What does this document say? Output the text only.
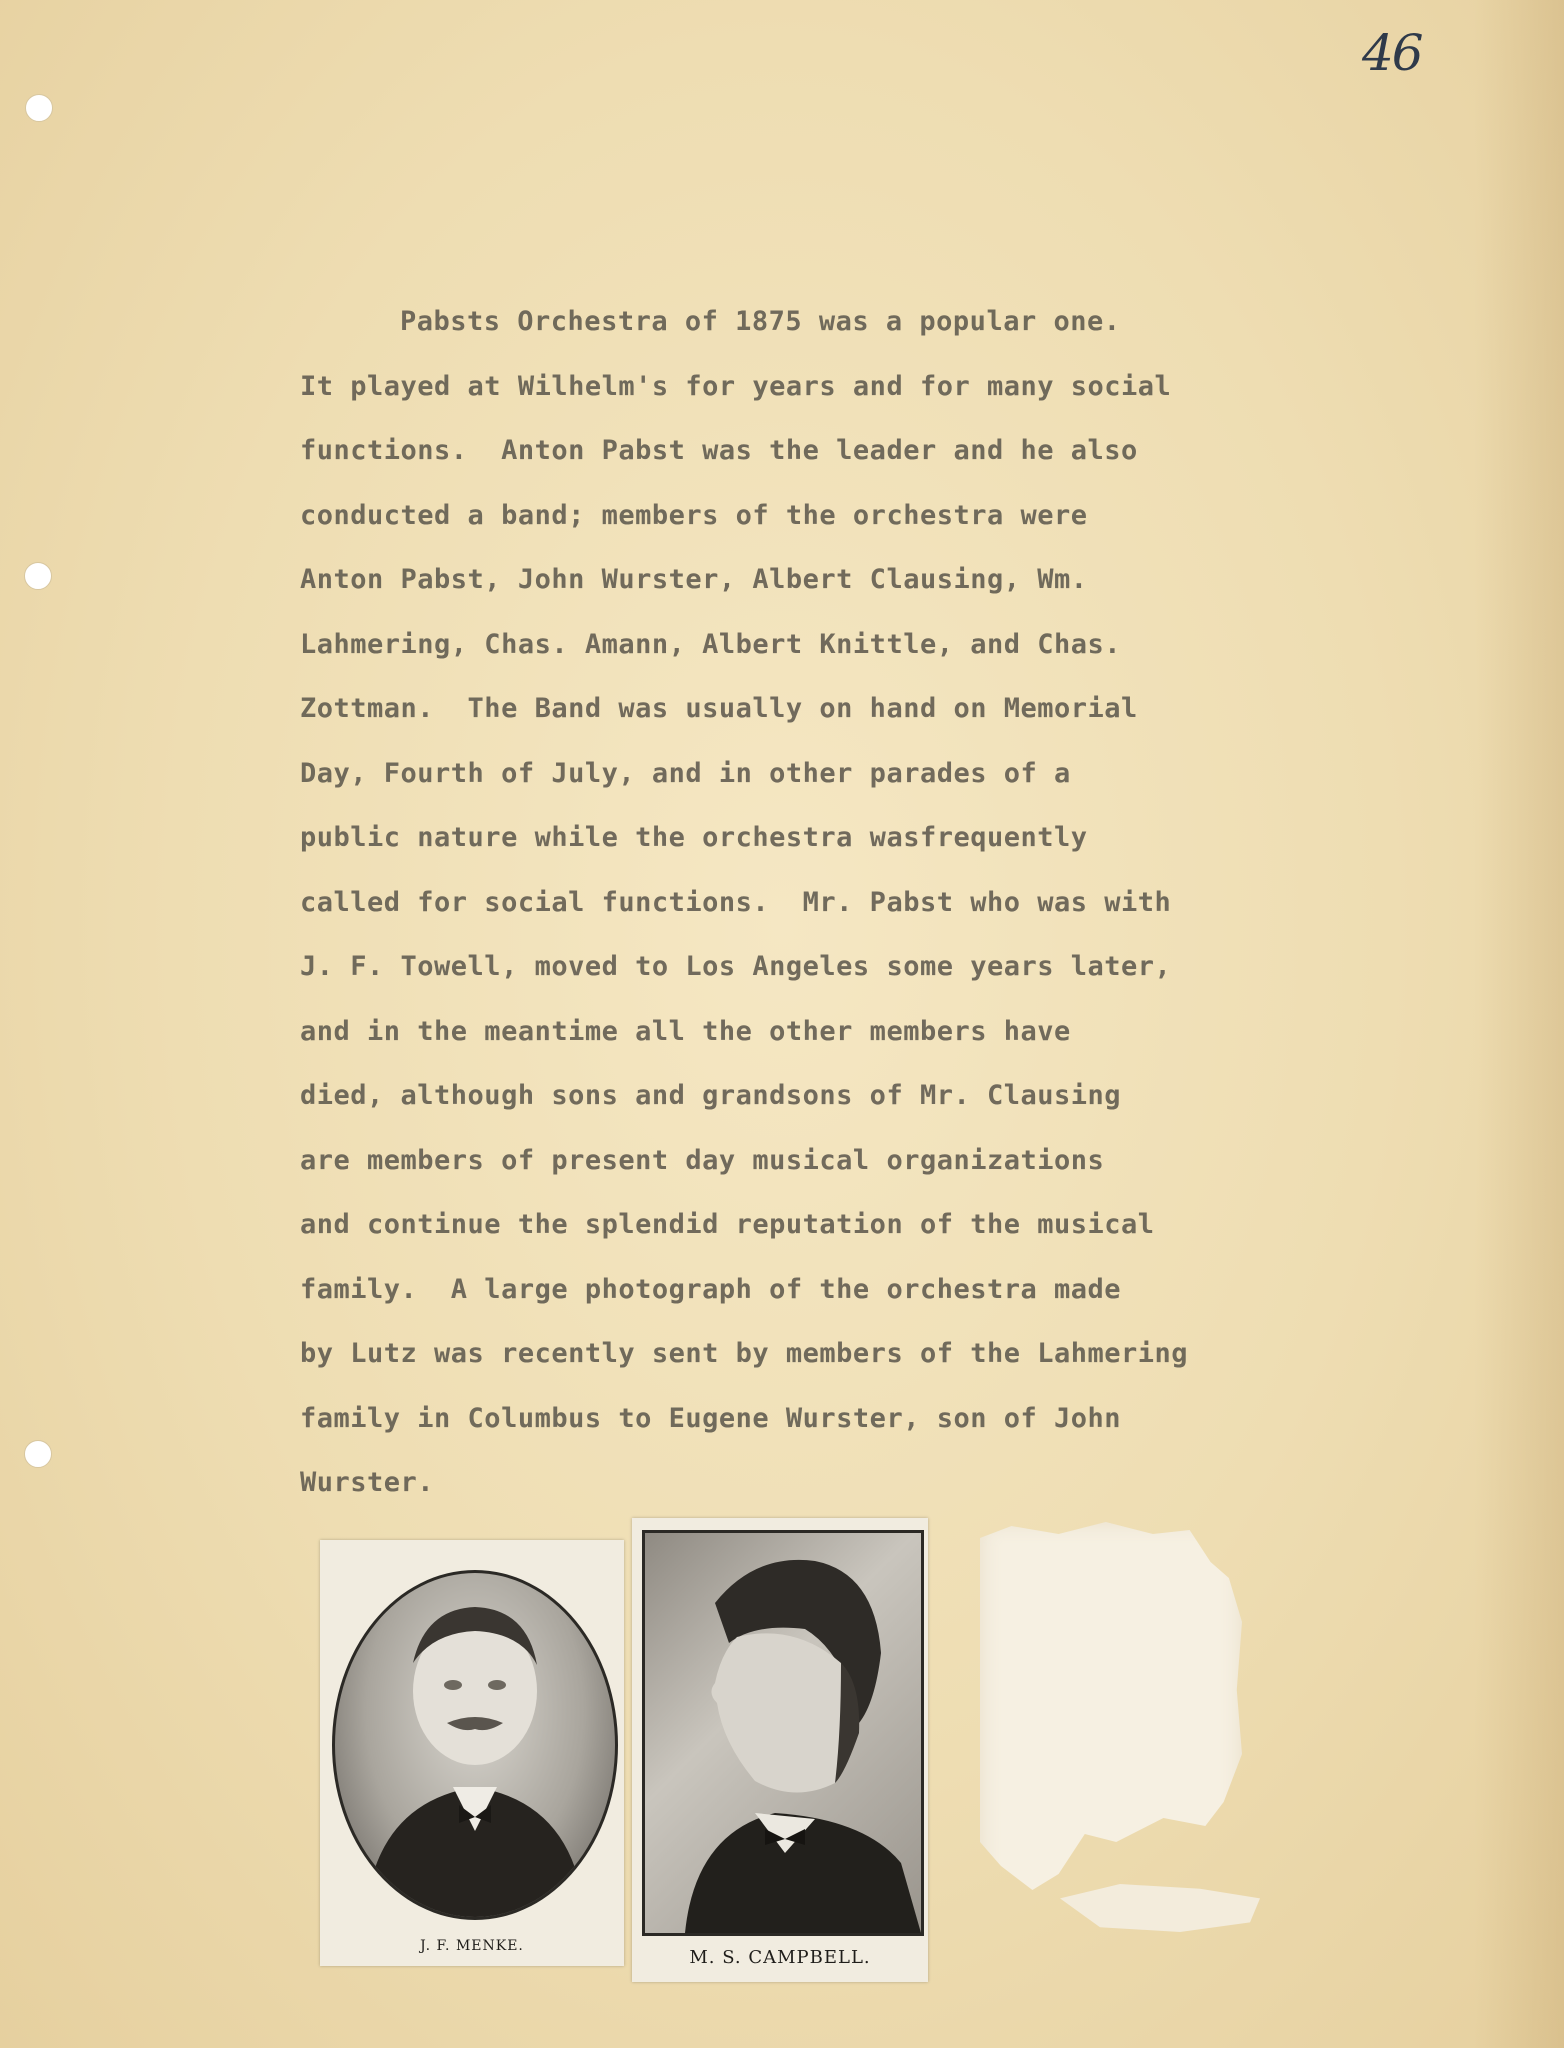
46
Pabsts Orchestra of 1875 was a popular one.
It played at Wilhelm's for years and for many social
functions.  Anton Pabst was the leader and he also
conducted a band; members of the orchestra were
Anton Pabst, John Wurster, Albert Clausing, Wm.
Lahmering, Chas. Amann, Albert Knittle, and Chas.
Zottman.  The Band was usually on hand on Memorial
Day, Fourth of July, and in other parades of a
public nature while the orchestra wasfrequently
called for social functions.  Mr. Pabst who was with
J. F. Towell, moved to Los Angeles some years later,
and in the meantime all the other members have
died, although sons and grandsons of Mr. Clausing
are members of present day musical organizations
and continue the splendid reputation of the musical
family.  A large photograph of the orchestra made
by Lutz was recently sent by members of the Lahmering
family in Columbus to Eugene Wurster, son of John
Wurster.
J. F. MENKE.
M. S. CAMPBELL.
